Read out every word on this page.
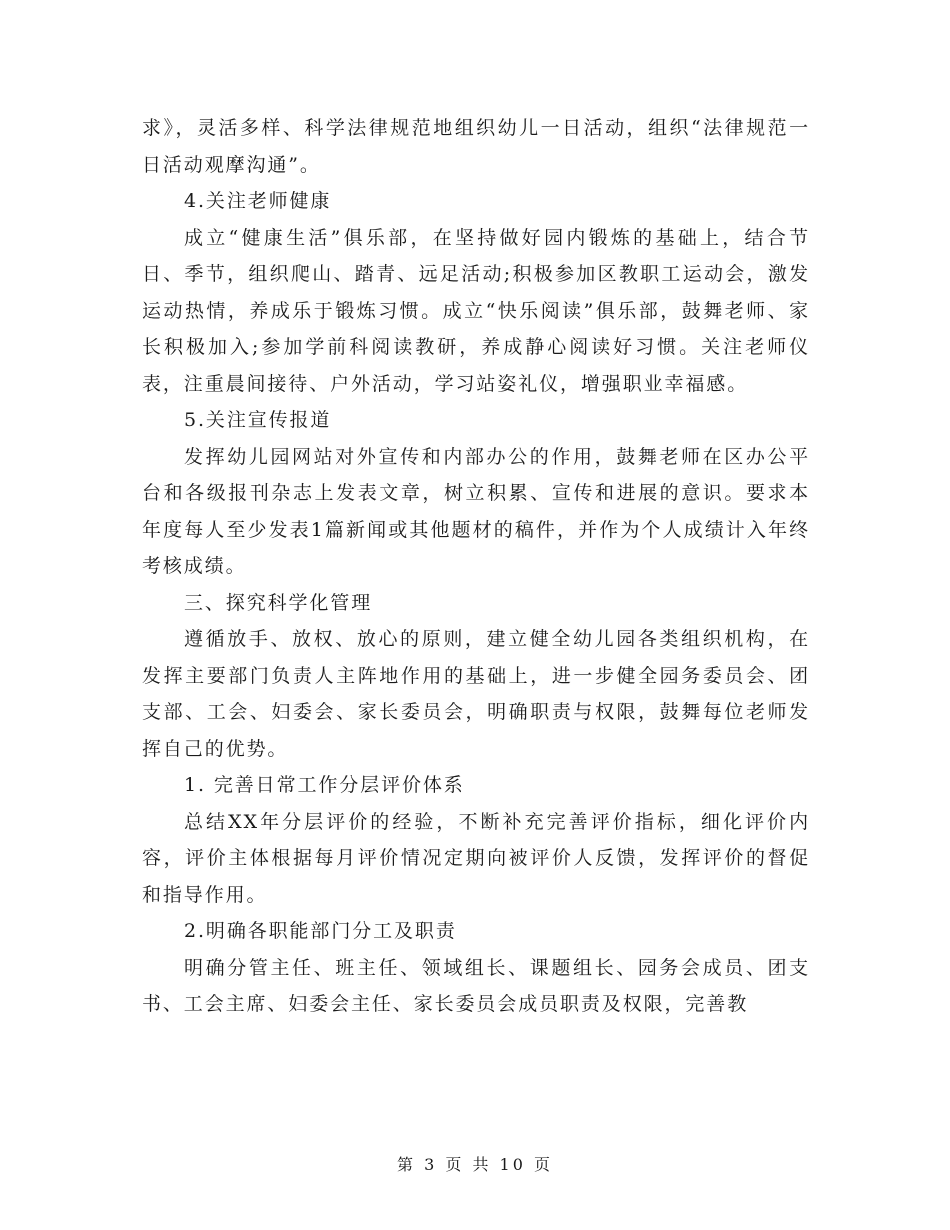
求》，灵活多样、科学法律规范地组织幼儿一日活动，组织“法律规范一日活动观摩沟通”。

4.关注老师健康

成立“健康生活”俱乐部，在坚持做好园内锻炼的基础上，结合节日、季节，组织爬山、踏青、远足活动;积极参加区教职工运动会，激发运动热情，养成乐于锻炼习惯。成立“快乐阅读”俱乐部，鼓舞老师、家长积极加入;参加学前科阅读教研，养成静心阅读好习惯。关注老师仪表，注重晨间接待、户外活动，学习站姿礼仪，增强职业幸福感。

5.关注宣传报道

发挥幼儿园网站对外宣传和内部办公的作用，鼓舞老师在区办公平台和各级报刊杂志上发表文章，树立积累、宣传和进展的意识。要求本年度每人至少发表1篇新闻或其他题材的稿件，并作为个人成绩计入年终考核成绩。

三、探究科学化管理

遵循放手、放权、放心的原则，建立健全幼儿园各类组织机构，在发挥主要部门负责人主阵地作用的基础上，进一步健全园务委员会、团支部、工会、妇委会、家长委员会，明确职责与权限，鼓舞每位老师发挥自己的优势。

1. 完善日常工作分层评价体系

总结XX年分层评价的经验，不断补充完善评价指标，细化评价内容，评价主体根据每月评价情况定期向被评价人反馈，发挥评价的督促和指导作用。

2.明确各职能部门分工及职责

明确分管主任、班主任、领域组长、课题组长、园务会成员、团支书、工会主席、妇委会主任、家长委员会成员职责及权限，完善教

第 3 页 共 10 页
